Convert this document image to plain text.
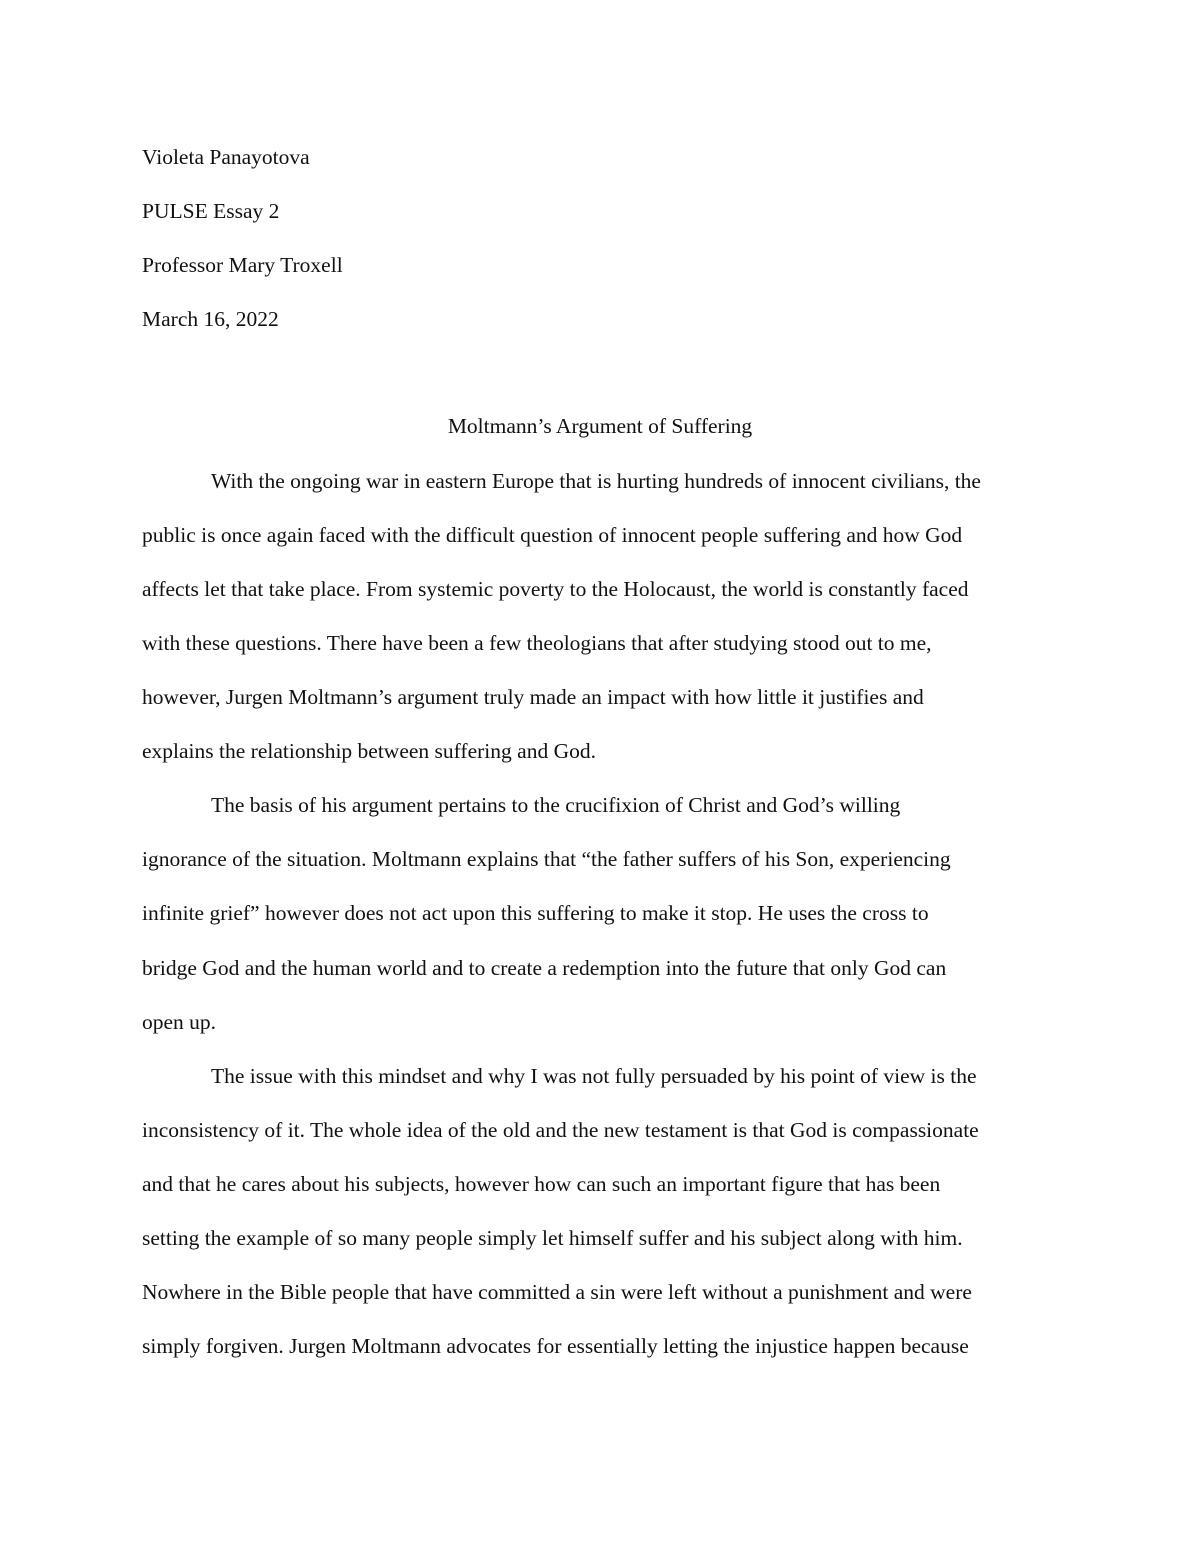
Violeta Panayotova

PULSE Essay 2

Professor Mary Troxell

March 16, 2022

Moltmann’s Argument of Suffering

With the ongoing war in eastern Europe that is hurting hundreds of innocent civilians, the

public is once again faced with the difficult question of innocent people suffering and how God

affects let that take place. From systemic poverty to the Holocaust, the world is constantly faced

with these questions. There have been a few theologians that after studying stood out to me,

however, Jurgen Moltmann’s argument truly made an impact with how little it justifies and

explains the relationship between suffering and God.

The basis of his argument pertains to the crucifixion of Christ and God’s willing

ignorance of the situation. Moltmann explains that “the father suffers of his Son, experiencing

infinite grief” however does not act upon this suffering to make it stop. He uses the cross to

bridge God and the human world and to create a redemption into the future that only God can

open up.

The issue with this mindset and why I was not fully persuaded by his point of view is the

inconsistency of it. The whole idea of the old and the new testament is that God is compassionate

and that he cares about his subjects, however how can such an important figure that has been

setting the example of so many people simply let himself suffer and his subject along with him.

Nowhere in the Bible people that have committed a sin were left without a punishment and were

simply forgiven. Jurgen Moltmann advocates for essentially letting the injustice happen because
